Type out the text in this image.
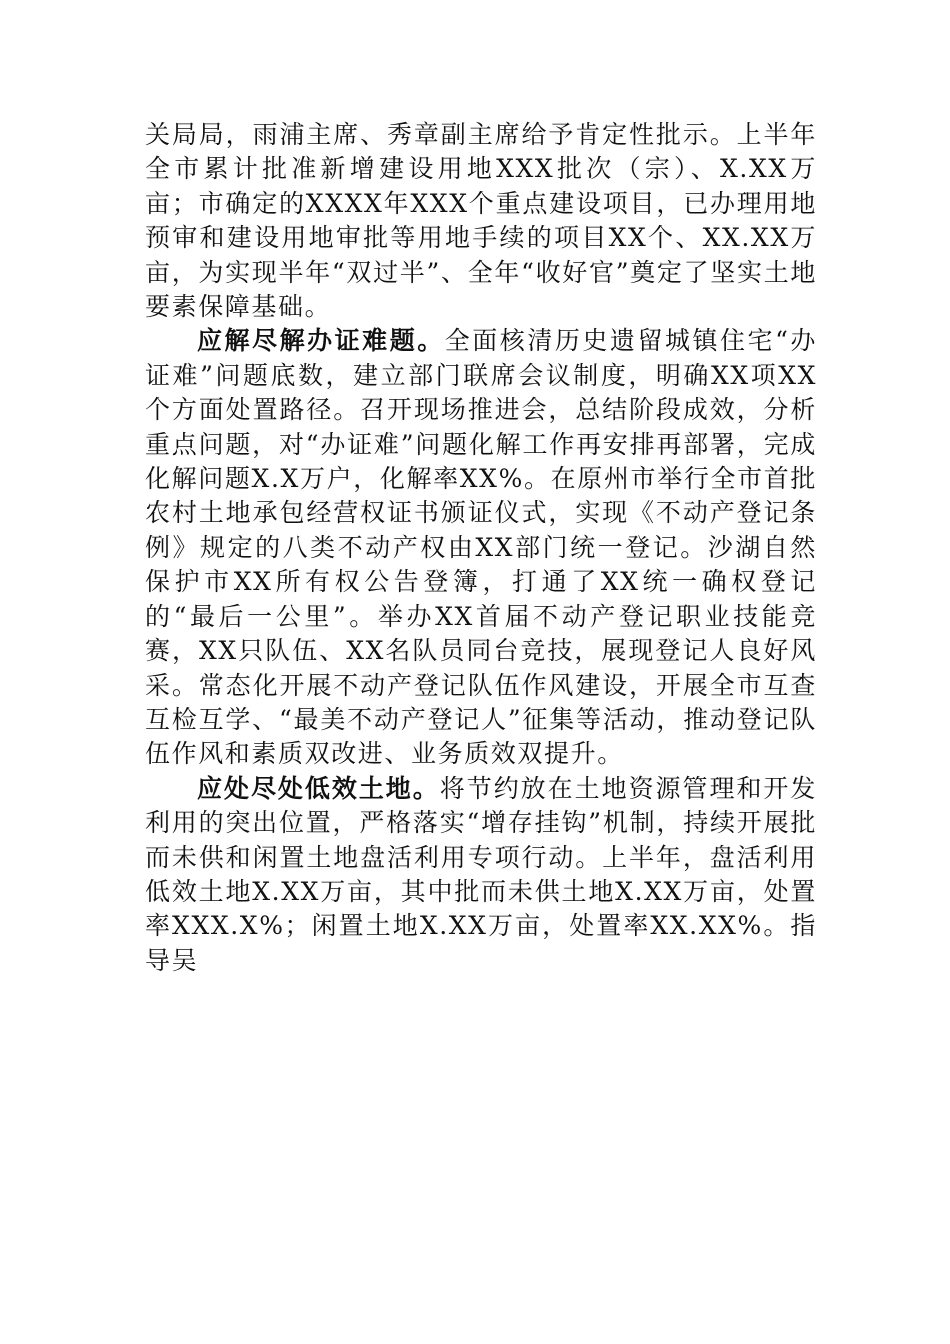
关局局，雨浦主席、秀章副主席给予肯定性批示。上半年全市累计批准新增建设用地XXX批次（宗）、X.XX万亩；市确定的XXXX年XXX个重点建设项目，已办理用地预审和建设用地审批等用地手续的项目XX个、XX.XX万亩，为实现半年“双过半”、全年“收好官”奠定了坚实土地要素保障基础。

应解尽解办证难题。全面核清历史遗留城镇住宅“办证难”问题底数，建立部门联席会议制度，明确XX项XX个方面处置路径。召开现场推进会，总结阶段成效，分析重点问题，对“办证难”问题化解工作再安排再部署，完成化解问题X.X万户，化解率XX%。在原州市举行全市首批农村土地承包经营权证书颁证仪式，实现《不动产登记条例》规定的八类不动产权由XX部门统一登记。沙湖自然保护市XX所有权公告登簿，打通了XX统一确权登记的“最后一公里”。举办XX首届不动产登记职业技能竞赛，XX只队伍、XX名队员同台竞技，展现登记人良好风采。常态化开展不动产登记队伍作风建设，开展全市互查互检互学、“最美不动产登记人”征集等活动，推动登记队伍作风和素质双改进、业务质效双提升。

应处尽处低效土地。将节约放在土地资源管理和开发利用的突出位置，严格落实“增存挂钩”机制，持续开展批而未供和闲置土地盘活利用专项行动。上半年，盘活利用低效土地X.XX万亩，其中批而未供土地X.XX万亩，处置率XXX.X%；闲置土地X.XX万亩，处置率XX.XX%。指导吴
